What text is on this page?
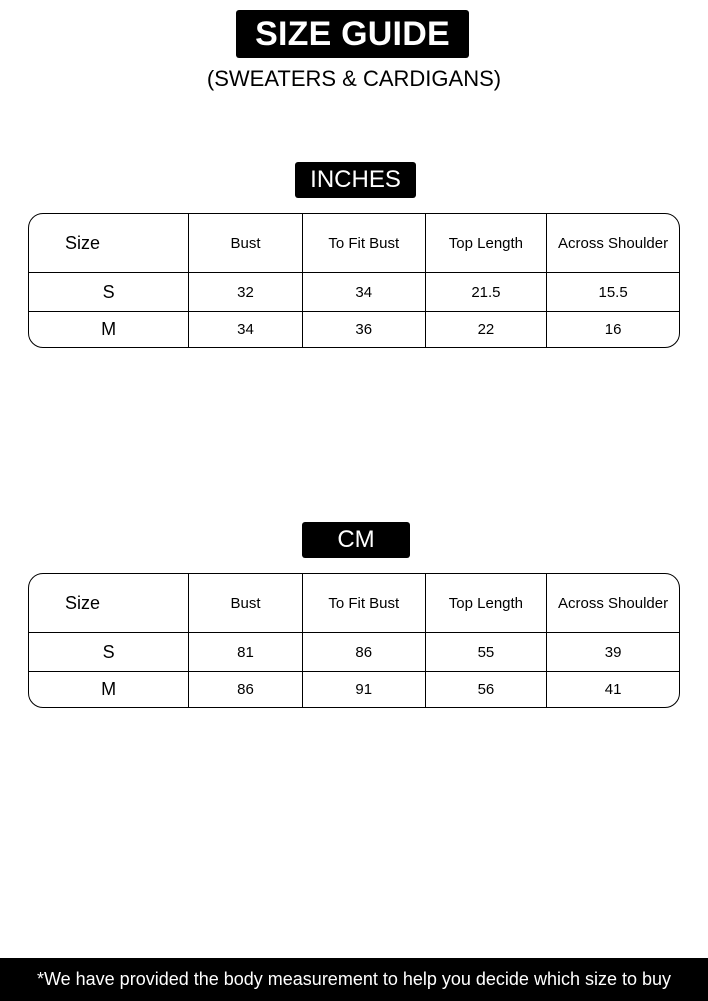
SIZE GUIDE
(SWEATERS & CARDIGANS)
INCHES
Size	Bust	To Fit Bust	Top Length	Across Shoulder
S	32	34	21.5	15.5
M	34	36	22	16
CM
Size	Bust	To Fit Bust	Top Length	Across Shoulder
S	81	86	55	39
M	86	91	56	41
*We have provided the body measurement to help you decide which size to buy
